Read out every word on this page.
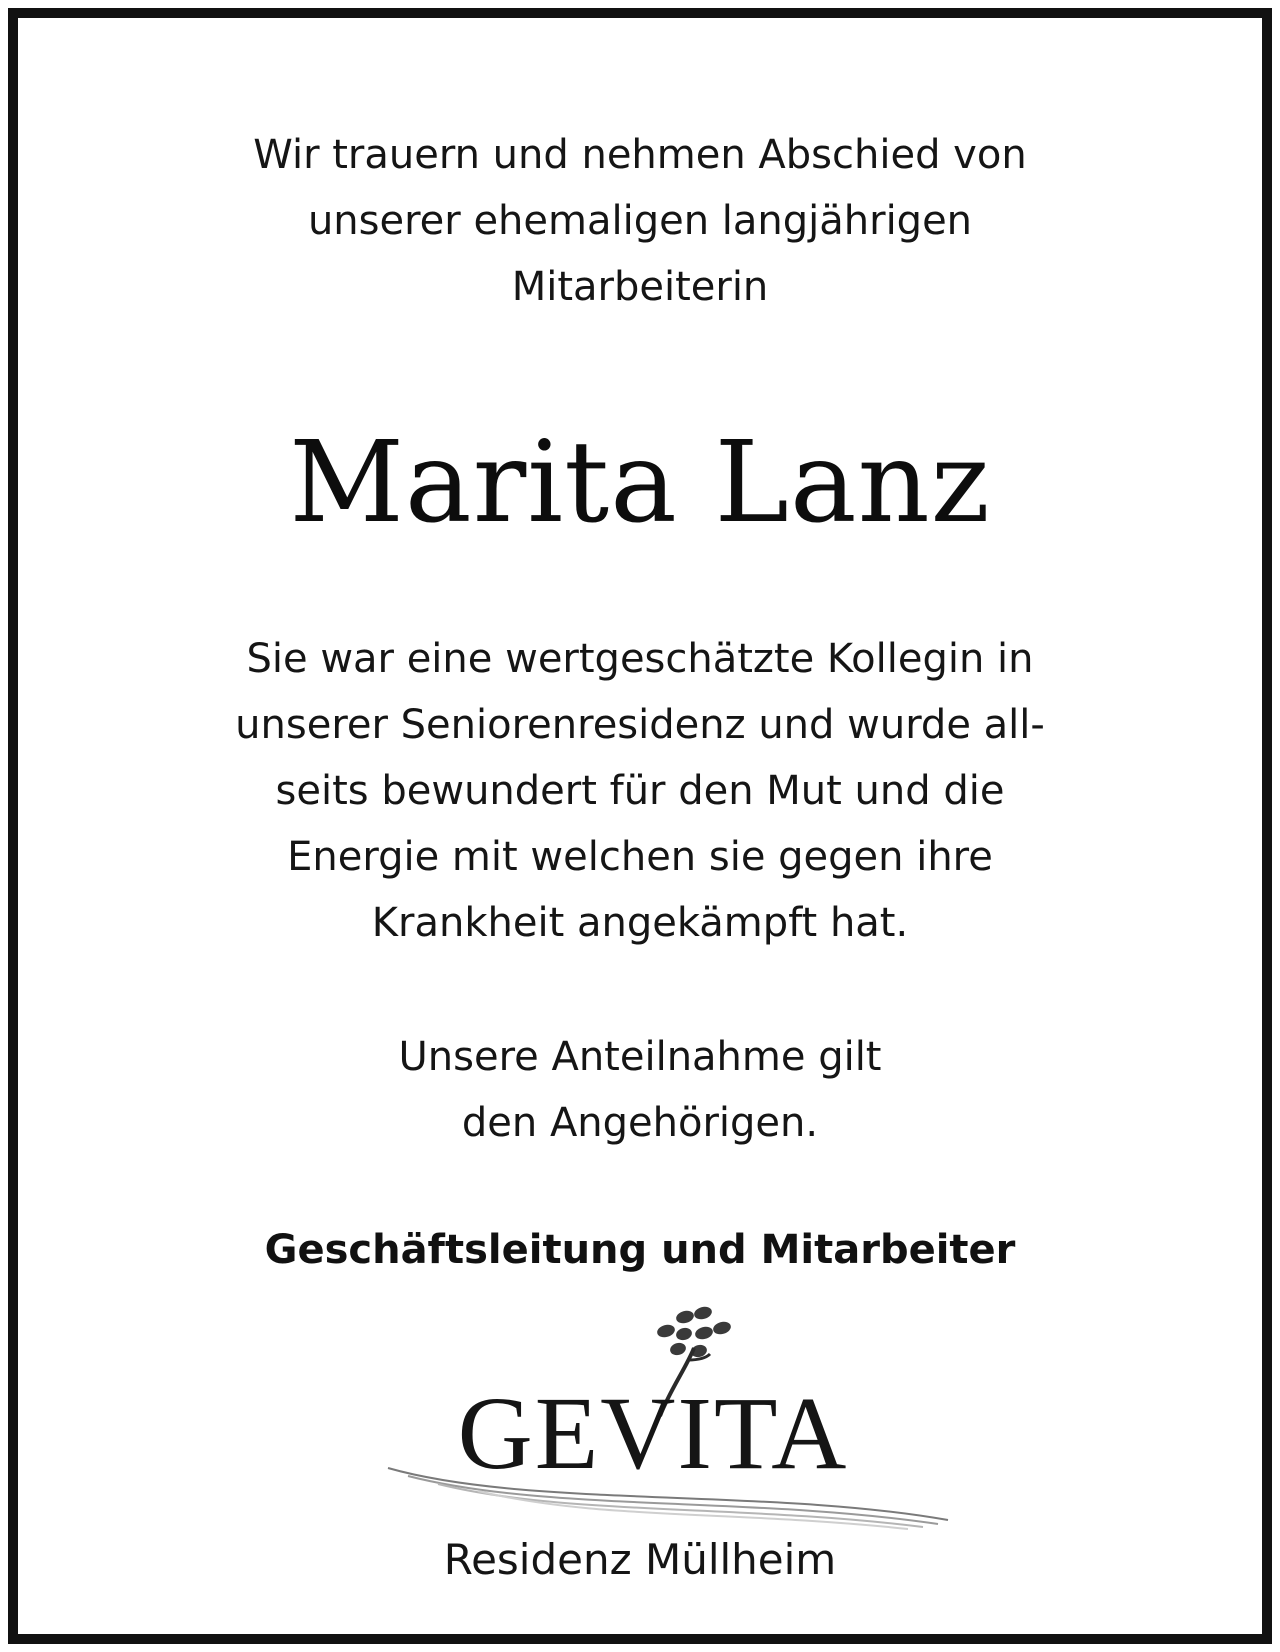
Wir trauern und nehmen Abschied von
unserer ehemaligen langjährigen
Mitarbeiterin
Marita Lanz
Sie war eine wertgeschätzte Kollegin in
unserer Seniorenresidenz und wurde all-
seits bewundert für den Mut und die
Energie mit welchen sie gegen ihre
Krankheit angekämpft hat.
Unsere Anteilnahme gilt
den Angehörigen.
Geschäftsleitung und Mitarbeiter
GEVITA
Residenz Müllheim
